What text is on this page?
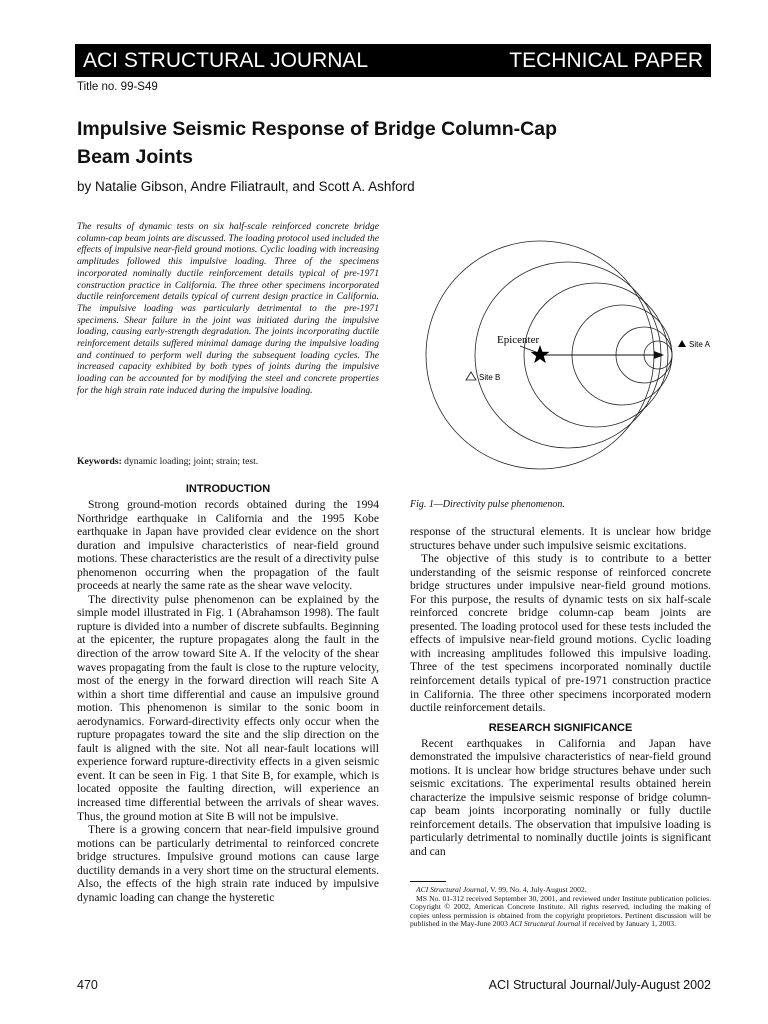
ACI STRUCTURAL JOURNAL	TECHNICAL PAPER
Title no. 99-S49
Impulsive Seismic Response of Bridge Column-Cap
Beam Joints
by Natalie Gibson, Andre Filiatrault, and Scott A. Ashford
The results of dynamic tests on six half-scale reinforced concrete bridge column-cap beam joints are discussed. The loading protocol used included the effects of impulsive near-field ground motions. Cyclic loading with increasing amplitudes followed this impulsive loading. Three of the specimens incorporated nominally ductile reinforcement details typical of pre-1971 construction practice in California. The three other specimens incorporated ductile reinforcement details typical of current design practice in California. The impulsive loading was particularly detrimental to the pre-1971 specimens. Shear failure in the joint was initiated during the impulsive loading, causing early-strength degradation. The joints incorporating ductile reinforcement details suffered minimal damage during the impulsive loading and continued to perform well during the subsequent loading cycles. The increased capacity exhibited by both types of joints during the impulsive loading can be accounted for by modifying the steel and concrete properties for the high strain rate induced during the impulsive loading.
Keywords: dynamic loading; joint; strain; test.
INTRODUCTION

Strong ground-motion records obtained during the 1994 Northridge earthquake in California and the 1995 Kobe earthquake in Japan have provided clear evidence on the short duration and impulsive characteristics of near-field ground motions. These characteristics are the result of a directivity pulse phenomenon occurring when the propagation of the fault proceeds at nearly the same rate as the shear wave velocity.

The directivity pulse phenomenon can be explained by the simple model illustrated in Fig. 1 (Abrahamson 1998). The fault rupture is divided into a number of discrete subfaults. Beginning at the epicenter, the rupture propagates along the fault in the direction of the arrow toward Site A. If the velocity of the shear waves propagating from the fault is close to the rupture velocity, most of the energy in the forward direction will reach Site A within a short time differential and cause an impulsive ground motion. This phenomenon is similar to the sonic boom in aerodynamics. Forward-directivity effects only occur when the rupture propagates toward the site and the slip direction on the fault is aligned with the site. Not all near-fault locations will experience forward rupture-directivity effects in a given seismic event. It can be seen in Fig. 1 that Site B, for example, which is located opposite the faulting direction, will experience an increased time differential between the arrivals of shear waves. Thus, the ground motion at Site B will not be impulsive.

There is a growing concern that near-field impulsive ground motions can be particularly detrimental to reinforced concrete bridge structures. Impulsive ground motions can cause large ductility demands in a very short time on the structural elements. Also, the effects of the high strain rate induced by impulsive dynamic loading can change the hysteretic

Epicenter	Site A
Site B
Fig. 1—Directivity pulse phenomenon.

response of the structural elements. It is unclear how bridge structures behave under such impulsive seismic excitations.

The objective of this study is to contribute to a better understanding of the seismic response of reinforced concrete bridge structures under impulsive near-field ground motions. For this purpose, the results of dynamic tests on six half-scale reinforced concrete bridge column-cap beam joints are presented. The loading protocol used for these tests included the effects of impulsive near-field ground motions. Cyclic loading with increasing amplitudes followed this impulsive loading. Three of the test specimens incorporated nominally ductile reinforcement details typical of pre-1971 construction practice in California. The three other specimens incorporated modern ductile reinforcement details.

RESEARCH SIGNIFICANCE

Recent earthquakes in California and Japan have demonstrated the impulsive characteristics of near-field ground motions. It is unclear how bridge structures behave under such seismic excitations. The experimental results obtained herein characterize the impulsive seismic response of bridge column-cap beam joints incorporating nominally or fully ductile reinforcement details. The observation that impulsive loading is particularly detrimental to nominally ductile joints is significant and can

ACI Structural Journal, V. 99, No. 4, July-August 2002.

MS No. 01-312 received September 30, 2001, and reviewed under Institute publication policies. Copyright © 2002, American Concrete Institute. All rights reserved, including the making of copies unless permission is obtained from the copyright proprietors. Pertinent discussion will be published in the May-June 2003 ACI Structural Journal if received by January 1, 2003.

470	ACI Structural Journal/July-August 2002
